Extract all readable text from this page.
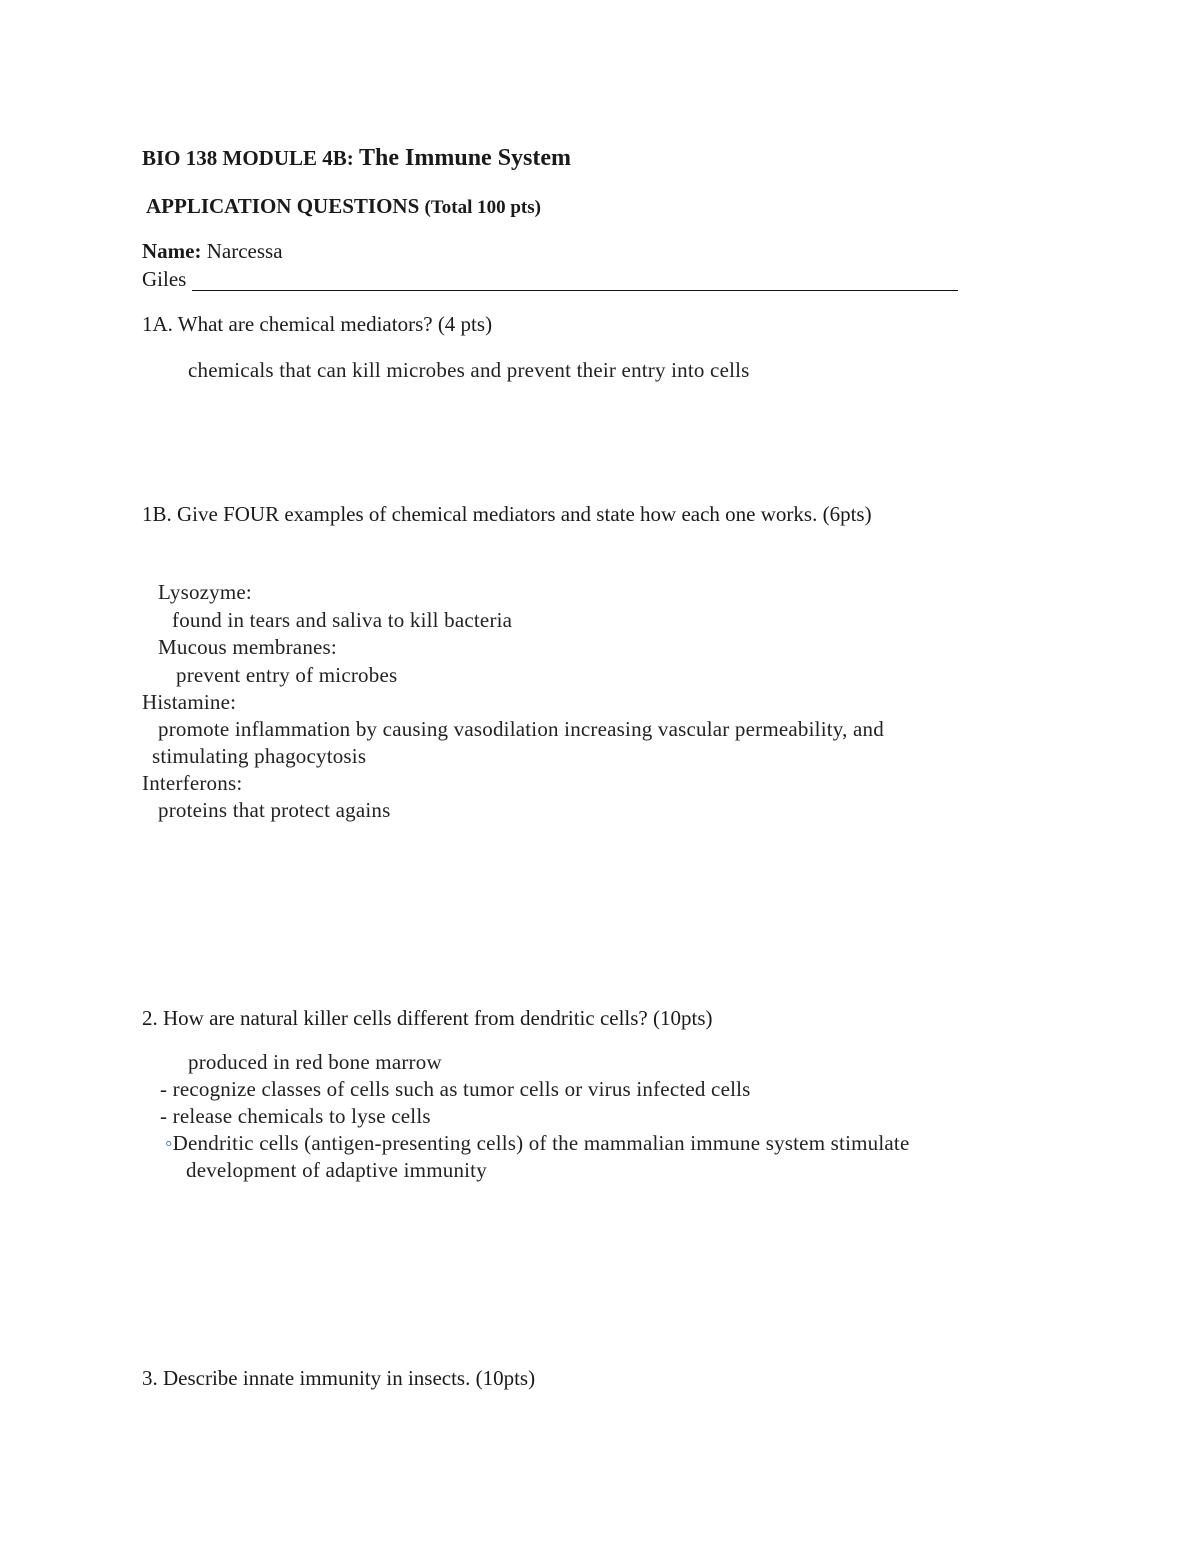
BIO 138 MODULE 4B: The Immune System
APPLICATION QUESTIONS (Total 100 pts)
Name: Narcessa
Giles
1A. What are chemical mediators? (4 pts)
chemicals that can kill microbes and prevent their entry into cells
1B. Give FOUR examples of chemical mediators and state how each one works. (6pts)
Lysozyme:
found in tears and saliva to kill bacteria
Mucous membranes:
prevent entry of microbes
Histamine:
promote inflammation by causing vasodilation increasing vascular permeability, and
stimulating phagocytosis
Interferons:
proteins that protect agains
2. How are natural killer cells different from dendritic cells? (10pts)
produced in red bone marrow
- recognize classes of cells such as tumor cells or virus infected cells
- release chemicals to lyse cells
◦Dendritic cells (antigen-presenting cells) of the mammalian immune system stimulate
development of adaptive immunity
3. Describe innate immunity in insects. (10pts)
